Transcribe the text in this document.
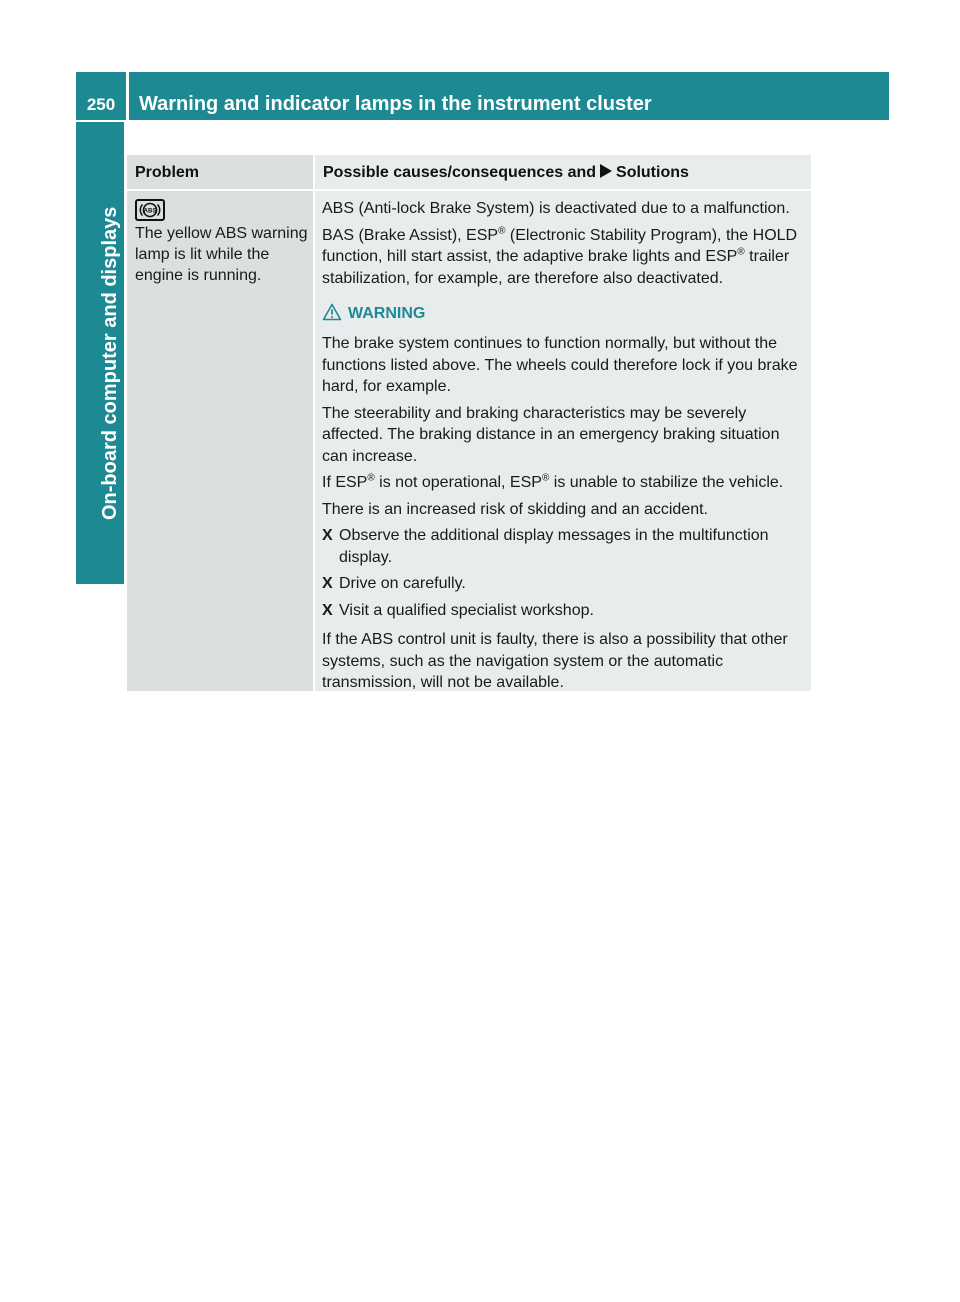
250	Warning and indicator lamps in the instrument cluster
On-board computer and displays
Problem	Possible causes/consequences and Solutions
ABS
The yellow ABS warning lamp is lit while the engine is running.

ABS (Anti-lock Brake System) is deactivated due to a malfunction.

BAS (Brake Assist), ESP® (Electronic Stability Program), the HOLD function, hill start assist, the adaptive brake lights and ESP® trailer stabilization, for example, are therefore also deactivated.

WARNING

The brake system continues to function normally, but without the functions listed above. The wheels could therefore lock if you brake hard, for example.

The steerability and braking characteristics may be severely affected. The braking distance in an emergency braking situation can increase.

If ESP® is not operational, ESP® is unable to stabilize the vehicle.

There is an increased risk of skidding and an accident.

X Observe the additional display messages in the multifunction display.
X Drive on carefully.
X Visit a qualified specialist workshop.

If the ABS control unit is faulty, there is also a possibility that other systems, such as the navigation system or the automatic transmission, will not be available.
